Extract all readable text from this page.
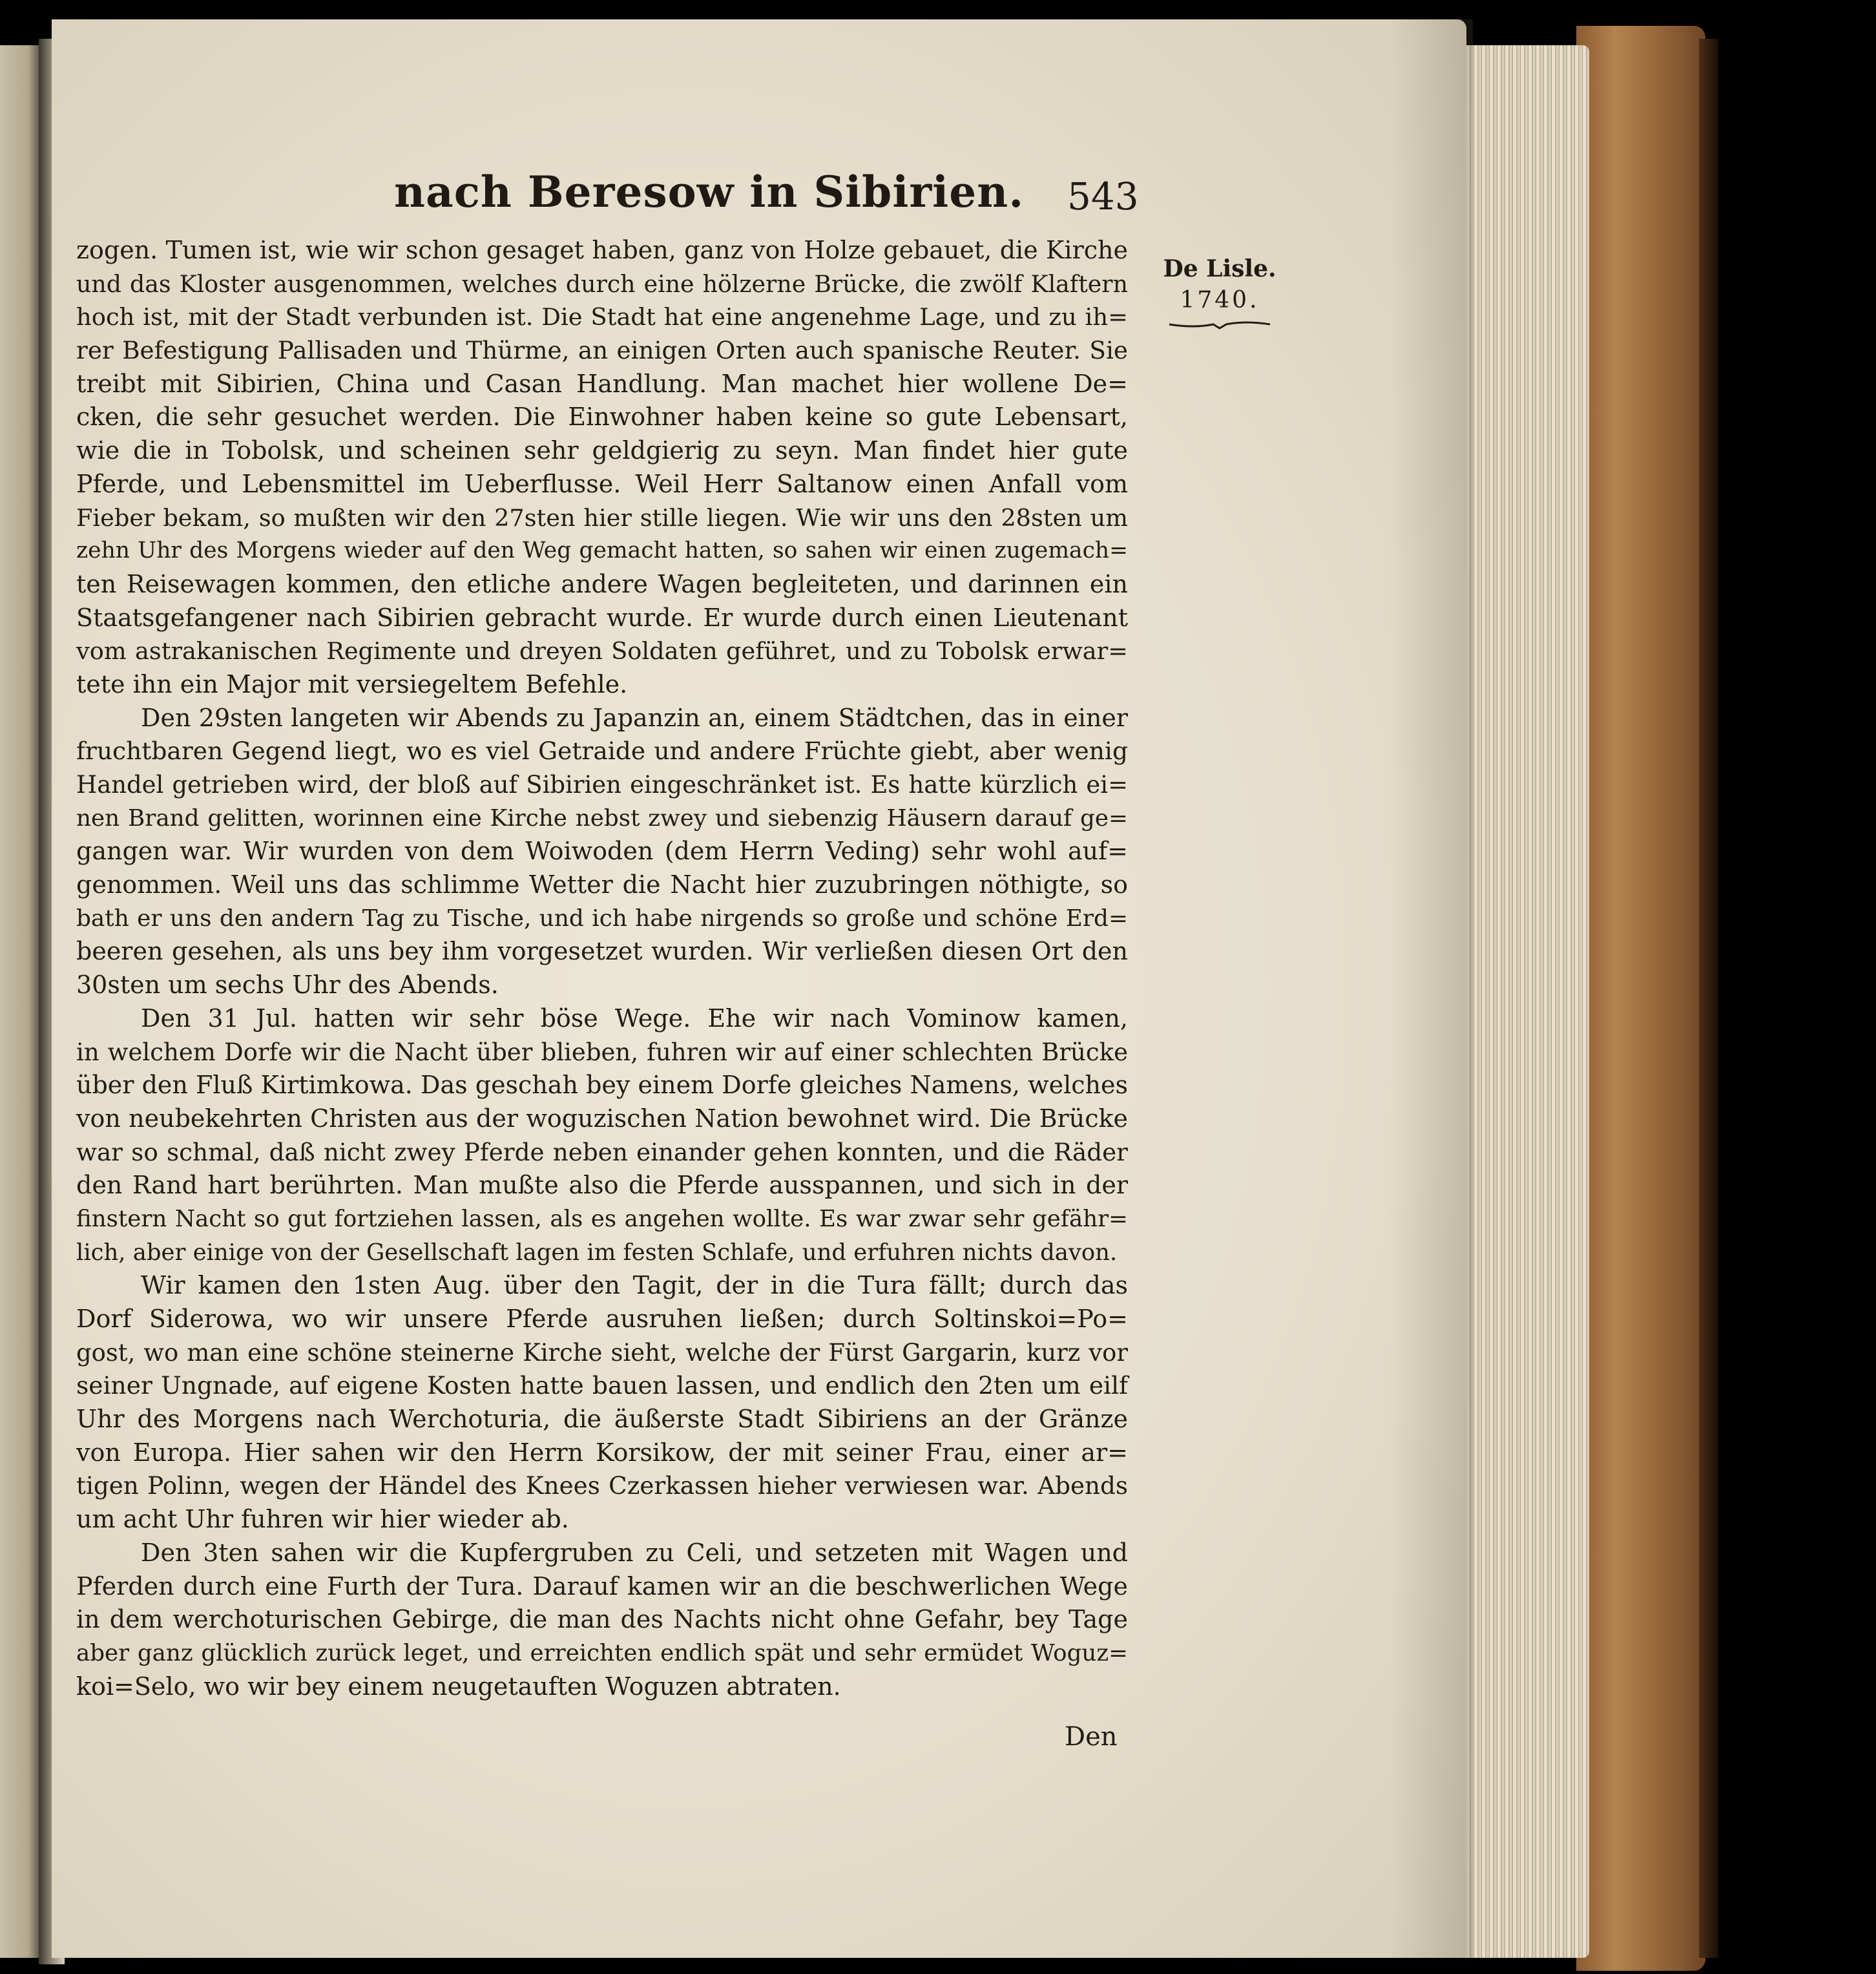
nach Beresow in Sibirien. 543
De Lisle.
1740.
zogen. Tumen ist, wie wir schon gesaget haben, ganz von Holze gebauet, die Kirche
und das Kloster ausgenommen, welches durch eine hölzerne Brücke, die zwölf Klaftern
hoch ist, mit der Stadt verbunden ist. Die Stadt hat eine angenehme Lage, und zu ih=
rer Befestigung Pallisaden und Thürme, an einigen Orten auch spanische Reuter. Sie
treibt mit Sibirien, China und Casan Handlung. Man machet hier wollene De=
cken, die sehr gesuchet werden. Die Einwohner haben keine so gute Lebensart,
wie die in Tobolsk, und scheinen sehr geldgierig zu seyn. Man findet hier gute
Pferde, und Lebensmittel im Ueberflusse. Weil Herr Saltanow einen Anfall vom
Fieber bekam, so mußten wir den 27sten hier stille liegen. Wie wir uns den 28sten um
zehn Uhr des Morgens wieder auf den Weg gemacht hatten, so sahen wir einen zugemach=
ten Reisewagen kommen, den etliche andere Wagen begleiteten, und darinnen ein
Staatsgefangener nach Sibirien gebracht wurde. Er wurde durch einen Lieutenant
vom astrakanischen Regimente und dreyen Soldaten geführet, und zu Tobolsk erwar=
tete ihn ein Major mit versiegeltem Befehle.
Den 29sten langeten wir Abends zu Japanzin an, einem Städtchen, das in einer
fruchtbaren Gegend liegt, wo es viel Getraide und andere Früchte giebt, aber wenig
Handel getrieben wird, der bloß auf Sibirien eingeschränket ist. Es hatte kürzlich ei=
nen Brand gelitten, worinnen eine Kirche nebst zwey und siebenzig Häusern darauf ge=
gangen war. Wir wurden von dem Woiwoden (dem Herrn Veding) sehr wohl auf=
genommen. Weil uns das schlimme Wetter die Nacht hier zuzubringen nöthigte, so
bath er uns den andern Tag zu Tische, und ich habe nirgends so große und schöne Erd=
beeren gesehen, als uns bey ihm vorgesetzet wurden. Wir verließen diesen Ort den
30sten um sechs Uhr des Abends.
Den 31 Jul. hatten wir sehr böse Wege. Ehe wir nach Vominow kamen,
in welchem Dorfe wir die Nacht über blieben, fuhren wir auf einer schlechten Brücke
über den Fluß Kirtimkowa. Das geschah bey einem Dorfe gleiches Namens, welches
von neubekehrten Christen aus der woguzischen Nation bewohnet wird. Die Brücke
war so schmal, daß nicht zwey Pferde neben einander gehen konnten, und die Räder
den Rand hart berührten. Man mußte also die Pferde ausspannen, und sich in der
finstern Nacht so gut fortziehen lassen, als es angehen wollte. Es war zwar sehr gefähr=
lich, aber einige von der Gesellschaft lagen im festen Schlafe, und erfuhren nichts davon.
Wir kamen den 1sten Aug. über den Tagit, der in die Tura fällt; durch das
Dorf Siderowa, wo wir unsere Pferde ausruhen ließen; durch Soltinskoi=Po=
gost, wo man eine schöne steinerne Kirche sieht, welche der Fürst Gargarin, kurz vor
seiner Ungnade, auf eigene Kosten hatte bauen lassen, und endlich den 2ten um eilf
Uhr des Morgens nach Werchoturia, die äußerste Stadt Sibiriens an der Gränze
von Europa. Hier sahen wir den Herrn Korsikow, der mit seiner Frau, einer ar=
tigen Polinn, wegen der Händel des Knees Czerkassen hieher verwiesen war. Abends
um acht Uhr fuhren wir hier wieder ab.
Den 3ten sahen wir die Kupfergruben zu Celi, und setzeten mit Wagen und
Pferden durch eine Furth der Tura. Darauf kamen wir an die beschwerlichen Wege
in dem werchoturischen Gebirge, die man des Nachts nicht ohne Gefahr, bey Tage
aber ganz glücklich zurück leget, und erreichten endlich spät und sehr ermüdet Woguz=
koi=Selo, wo wir bey einem neugetauften Woguzen abtraten.
Den
